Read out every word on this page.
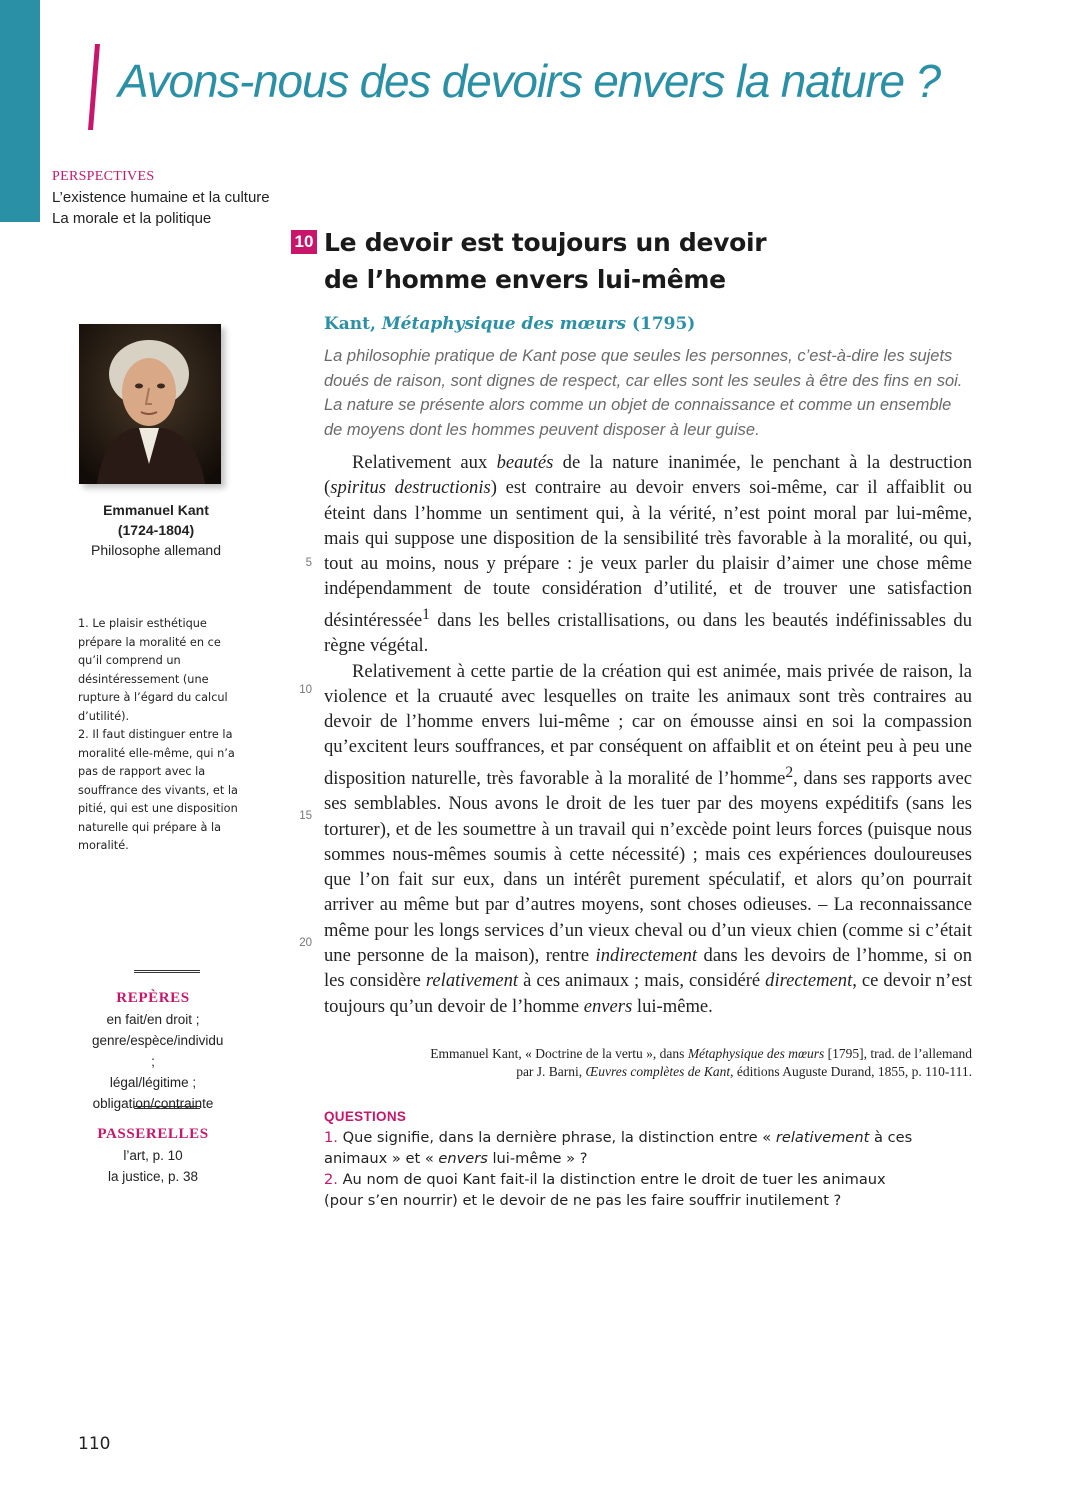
Avons-nous des devoirs envers la nature ?
PERSPECTIVES
L’existence humaine et la culture
La morale et la politique
Emmanuel Kant
(1724-1804)
Philosophe allemand

1. Le plaisir esthétique prépare la moralité en ce qu’il comprend un désintéressement (une rupture à l’égard du calcul d’utilité).

2. Il faut distinguer entre la moralité elle-même, qui n’a pas de rapport avec la souffrance des vivants, et la pitié, qui est une disposition naturelle qui prépare à la moralité.

REPÈRES
en fait/en droit ;
genre/espèce/individu ;
légal/légitime ;
obligation/contrainte
PASSERELLES
l’art, p. 10
la justice, p. 38
10 Le devoir est toujours un devoir
de l’homme envers lui-même
Kant, Métaphysique des mœurs (1795)

La philosophie pratique de Kant pose que seules les personnes, c’est-à-dire les sujets doués de raison, sont dignes de respect, car elles sont les seules à être des fins en soi. La nature se présente alors comme un objet de connaissance et comme un ensemble de moyens dont les hommes peuvent disposer à leur guise.

Relativement aux beautés de la nature inanimée, le penchant à la destruction (spiritus destructionis) est contraire au devoir envers soi-même, car il affaiblit ou éteint dans l’homme un sentiment qui, à la vérité, n’est point moral par lui-même, mais qui suppose une disposition de la sensibilité très favorable à la moralité, ou qui, tout au moins, nous y prépare : je veux parler du plaisir d’aimer une chose même indépendamment de toute considération d’utilité, et de trouver une satisfaction désintéressée$^1$ dans les belles cristallisations, ou dans les beautés indéfinissables du règne végétal.

Relativement à cette partie de la création qui est animée, mais privée de raison, la violence et la cruauté avec lesquelles on traite les animaux sont très contraires au devoir de l’homme envers lui-même ; car on émousse ainsi en soi la compassion qu’excitent leurs souffrances, et par conséquent on affaiblit et on éteint peu à peu une disposition naturelle, très favorable à la moralité de l’homme$^2$, dans ses rapports avec ses semblables. Nous avons le droit de les tuer par des moyens expéditifs (sans les torturer), et de les soumettre à un travail qui n’excède point leurs forces (puisque nous sommes nous-mêmes soumis à cette nécessité) ; mais ces expériences douloureuses que l’on fait sur eux, dans un intérêt purement spéculatif, et alors qu’on pourrait arriver au même but par d’autres moyens, sont choses odieuses. – La reconnaissance même pour les longs services d’un vieux cheval ou d’un vieux chien (comme si c’était une personne de la maison), rentre indirectement dans les devoirs de l’homme, si on les considère relativement à ces animaux ; mais, considéré directement, ce devoir n’est toujours qu’un devoir de l’homme envers lui-même.

5
10
15
20
Emmanuel Kant, « Doctrine de la vertu », dans Métaphysique des mœurs [1795], trad. de l’allemand
par J. Barni, Œuvres complètes de Kant, éditions Auguste Durand, 1855, p. 110-111.
QUESTIONS

1. Que signifie, dans la dernière phrase, la distinction entre « relativement à ces animaux » et « envers lui-même » ?

2. Au nom de quoi Kant fait-il la distinction entre le droit de tuer les animaux (pour s’en nourrir) et le devoir de ne pas les faire souffrir inutilement ?

110
